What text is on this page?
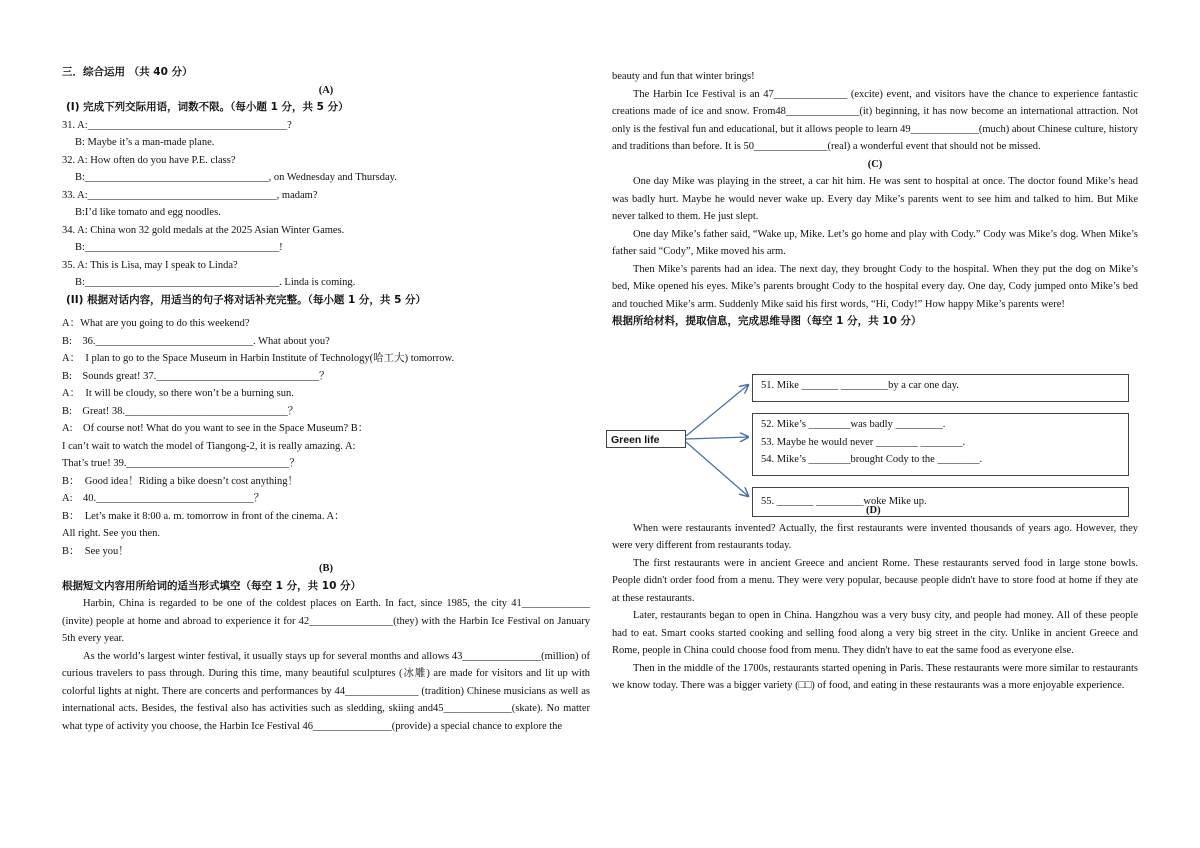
三．综合运用 （共 40 分）
(A)
(I) 完成下列交际用语，词数不限。（每小题 1 分，共 5 分）
31. A:______________________________________?
B: Maybe it’s a man-made plane.
32. A: How often do you have P.E. class?
B:___________________________________, on Wednesday and Thursday.
33. A:____________________________________, madam?
B:I’d like tomato and egg noodles.
34. A: China won 32 gold medals at the 2025 Asian Winter Games.
B:_____________________________________!
35. A: This is Lisa, may I speak to Linda?
B:_____________________________________. Linda is coming.
(II) 根据对话内容，用适当的句子将对话补充完整。（每小题 1 分，共 5 分）
A：What are you going to do this weekend?
B:　36.______________________________. What about you?
A：　I plan to go to the Space Museum in Harbin Institute of Technology(哈工大) tomorrow.
B:　Sounds great! 37._______________________________？
A：　It will be cloudy, so there won’t be a burning sun.
B:　Great! 38._______________________________？
A:　Of course not! What do you want to see in the Space Museum? B：
I can’t wait to watch the model of Tiangong-2, it is really amazing. A:
That’s true! 39._______________________________？
B：　Good idea！Riding a bike doesn’t cost anything！
A:　40.______________________________？
B：　Let’s make it 8:00 a. m. tomorrow in front of the cinema. A：
All right. See you then.
B：　See you！
(B)
根据短文内容用所给词的适当形式填空（每空 1 分，共 10 分）
Harbin, China is regarded to be one of the coldest places on Earth. In fact, since 1985, the city 41_____________ (invite) people at home and abroad to experience it for 42________________(they) with the Harbin Ice Festival on January 5th every year.
As the world’s largest winter festival, it usually stays up for several months and allows 43_______________(million) of curious travelers to pass through. During this time, many beautiful sculptures (冰雕) are made for visitors and lit up with colorful lights at night. There are concerts and performances by 44______________ (tradition) Chinese musicians as well as international acts. Besides, the festival also has activities such as sledding, skiing and45_____________(skate). No matter what type of activity you choose, the Harbin Ice Festival 46_______________(provide) a special chance to explore the
beauty and fun that winter brings!
The Harbin Ice Festival is an 47______________ (excite) event, and visitors have the chance to experience fantastic creations made of ice and snow. From48______________(it) beginning, it has now become an international attraction. Not only is the festival fun and educational, but it allows people to learn 49_____________(much) about Chinese culture, history and traditions than before. It is 50______________(real) a wonderful event that should not be missed.
(C)
One day Mike was playing in the street, a car hit him. He was sent to hospital at once. The doctor found Mike’s head was badly hurt. Maybe he would never wake up. Every day Mike’s parents went to see him and talked to him. But Mike never talked to them. He just slept.
One day Mike’s father said, “Wake up, Mike. Let’s go home and play with Cody.” Cody was Mike’s dog. When Mike’s father said “Cody”, Mike moved his arm.
Then Mike’s parents had an idea. The next day, they brought Cody to the hospital. When they put the dog on Mike’s bed, Mike opened his eyes. Mike’s parents brought Cody to the hospital every day. One day, Cody jumped onto Mike’s bed and touched Mike’s arm. Suddenly Mike said his first words, “Hi, Cody!” How happy Mike’s parents were!
根据所给材料，提取信息，完成思维导图（每空 1 分，共 10 分）
Green life
51. Mike _______ _________by a car one day.
52. Mike’s ________was badly _________.
53. Maybe he would never ________ ________.
54. Mike’s ________brought Cody to the ________.
55. _______ _________woke Mike up.
(D)
When were restaurants invented? Actually, the first restaurants were invented thousands of years ago. However, they were very different from restaurants today.
The first restaurants were in ancient Greece and ancient Rome. These restaurants served food in large stone bowls. People didn't order food from a menu. They were very popular, because people didn't have to store food at home if they ate at these restaurants.
Later, restaurants began to open in China. Hangzhou was a very busy city, and people had money. All of these people had to eat. Smart cooks started cooking and selling food along a very big street in the city. Unlike in ancient Greece and Rome, people in China could choose food from menu. They didn't have to eat the same food as everyone else.
Then in the middle of the 1700s, restaurants started opening in Paris. These restaurants were more similar to restaurants we know today. There was a bigger variety (□□) of food, and eating in these restaurants was a more enjoyable experience.
